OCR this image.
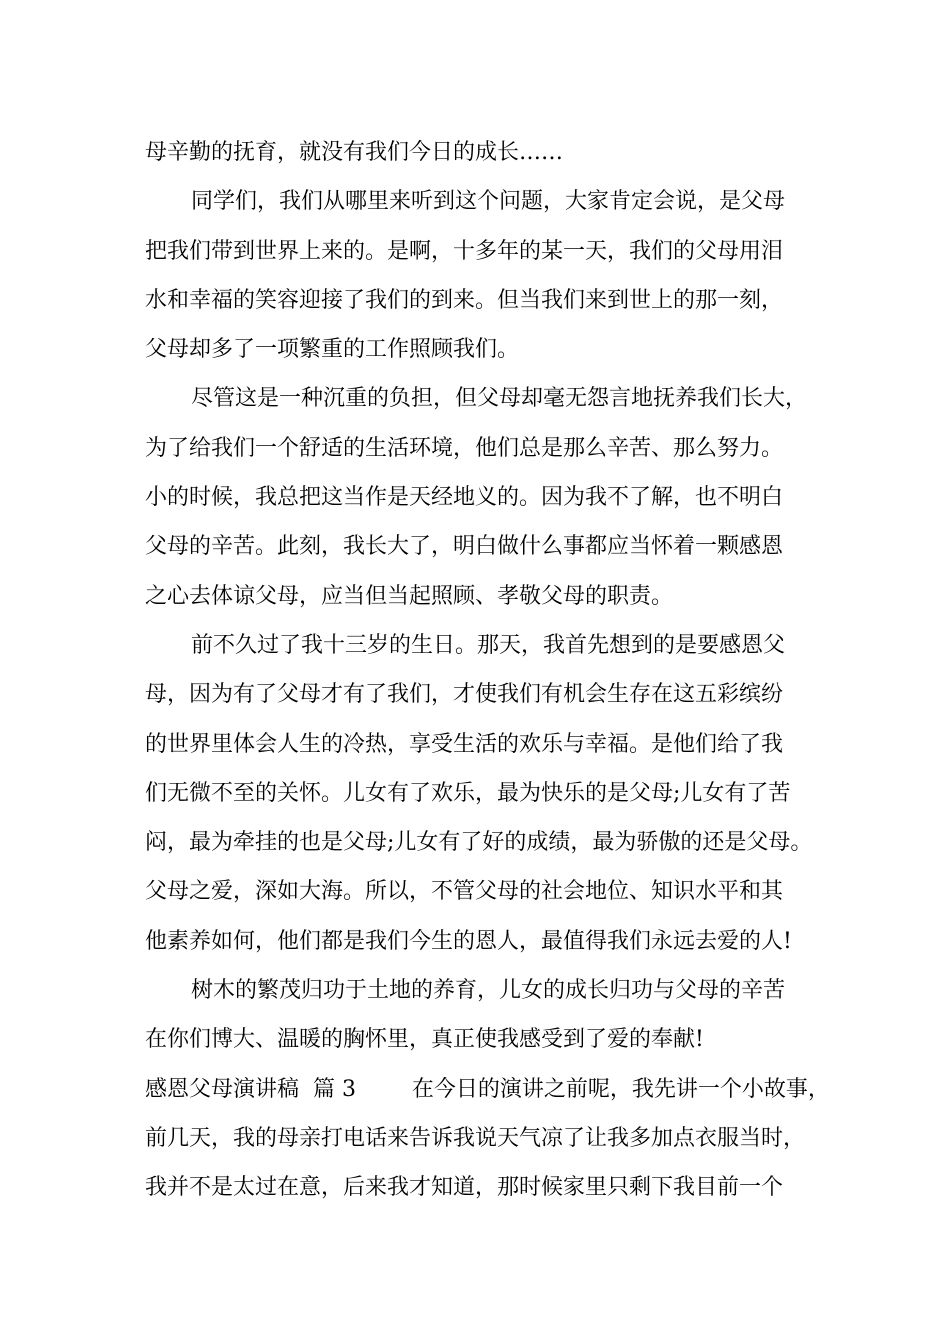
母辛勤的抚育，就没有我们今日的成长……
同学们，我们从哪里来听到这个问题，大家肯定会说，是父母
把我们带到世界上来的。是啊，十多年的某一天，我们的父母用泪
水和幸福的笑容迎接了我们的到来。但当我们来到世上的那一刻，
父母却多了一项繁重的工作照顾我们。
尽管这是一种沉重的负担，但父母却毫无怨言地抚养我们长大，
为了给我们一个舒适的生活环境，他们总是那么辛苦、那么努力。
小的时候，我总把这当作是天经地义的。因为我不了解，也不明白
父母的辛苦。此刻，我长大了，明白做什么事都应当怀着一颗感恩
之心去体谅父母，应当但当起照顾、孝敬父母的职责。
前不久过了我十三岁的生日。那天，我首先想到的是要感恩父
母，因为有了父母才有了我们，才使我们有机会生存在这五彩缤纷
的世界里体会人生的冷热，享受生活的欢乐与幸福。是他们给了我
们无微不至的关怀。儿女有了欢乐，最为快乐的是父母;儿女有了苦
闷，最为牵挂的也是父母;儿女有了好的成绩，最为骄傲的还是父母。
父母之爱，深如大海。所以，不管父母的社会地位、知识水平和其
他素养如何，他们都是我们今生的恩人，最值得我们永远去爱的人!
树木的繁茂归功于土地的养育，儿女的成长归功与父母的辛苦
在你们博大、温暖的胸怀里，真正使我感受到了爱的奉献!
感恩父母演讲稿  篇 3        在今日的演讲之前呢，我先讲一个小故事，
前几天，我的母亲打电话来告诉我说天气凉了让我多加点衣服当时，
我并不是太过在意，后来我才知道，那时候家里只剩下我目前一个
